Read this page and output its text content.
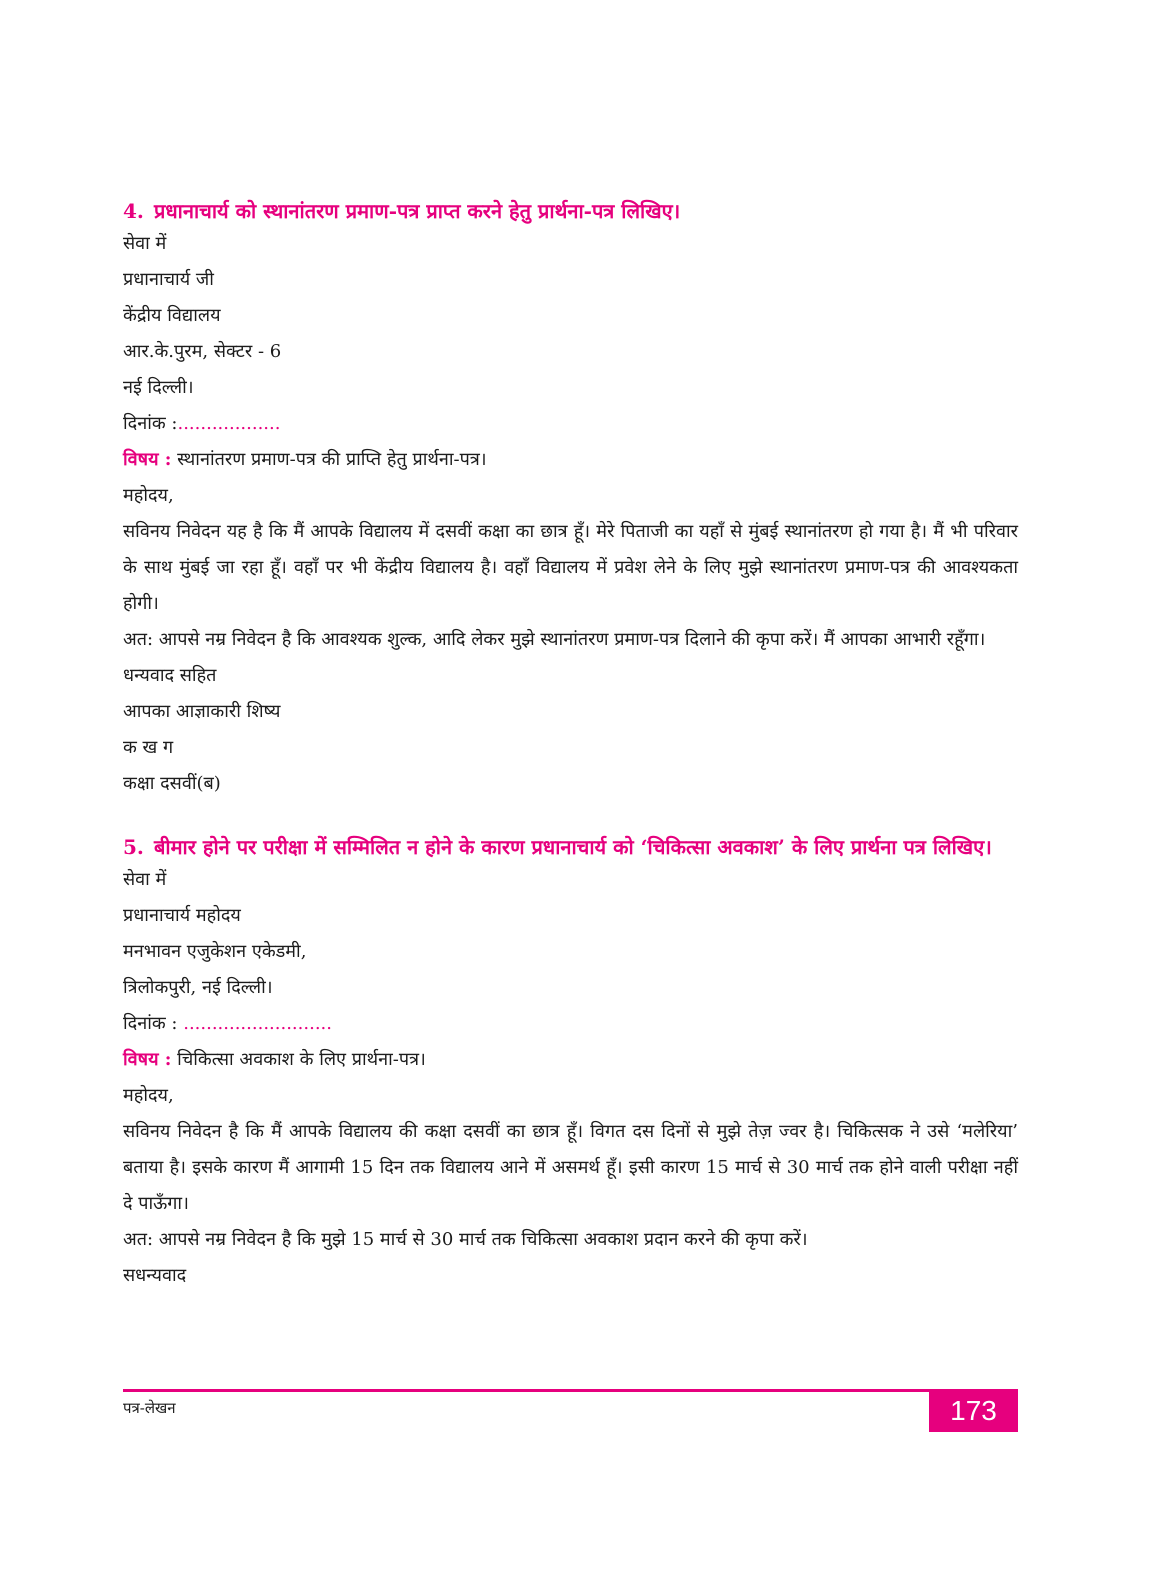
4. प्रधानाचार्य को स्थानांतरण प्रमाण-पत्र प्राप्त करने हेतु प्रार्थना-पत्र लिखिए।

सेवा में

प्रधानाचार्य जी

केंद्रीय विद्यालय

आर.के.पुरम, सेक्टर - 6

नई दिल्ली।

दिनांक :..................

विषय : स्थानांतरण प्रमाण-पत्र की प्राप्ति हेतु प्रार्थना-पत्र।

महोदय,

सविनय निवेदन यह है कि मैं आपके विद्यालय में दसवीं कक्षा का छात्र हूँ। मेरे पिताजी का यहाँ से मुंबई स्थानांतरण हो गया है। मैं भी परिवार के साथ मुंबई जा रहा हूँ। वहाँ पर भी केंद्रीय विद्यालय है। वहाँ विद्यालय में प्रवेश लेने के लिए मुझे स्थानांतरण प्रमाण-पत्र की आवश्यकता होगी।

अत: आपसे नम्र निवेदन है कि आवश्यक शुल्क, आदि लेकर मुझे स्थानांतरण प्रमाण-पत्र दिलाने की कृपा करें। मैं आपका आभारी रहूँगा।

धन्यवाद सहित

आपका आज्ञाकारी शिष्य

क ख ग

कक्षा दसवीं(ब)

5. बीमार होने पर परीक्षा में सम्मिलित न होने के कारण प्रधानाचार्य को ‘चिकित्सा अवकाश’ के लिए प्रार्थना पत्र लिखिए।

सेवा में

प्रधानाचार्य महोदय

मनभावन एजुकेशन एकेडमी,

त्रिलोकपुरी, नई दिल्ली।

दिनांक : ..........................

विषय : चिकित्सा अवकाश के लिए प्रार्थना-पत्र।

महोदय,

सविनय निवेदन है कि मैं आपके विद्यालय की कक्षा दसवीं का छात्र हूँ। विगत दस दिनों से मुझे तेज़ ज्वर है। चिकित्सक ने उसे ‘मलेरिया’ बताया है। इसके कारण मैं आगामी 15 दिन तक विद्यालय आने में असमर्थ हूँ। इसी कारण 15 मार्च से 30 मार्च तक होने वाली परीक्षा नहीं दे पाऊँगा।

अत: आपसे नम्र निवेदन है कि मुझे 15 मार्च से 30 मार्च तक चिकित्सा अवकाश प्रदान करने की कृपा करें।

सधन्यवाद

पत्र-लेखन	173
